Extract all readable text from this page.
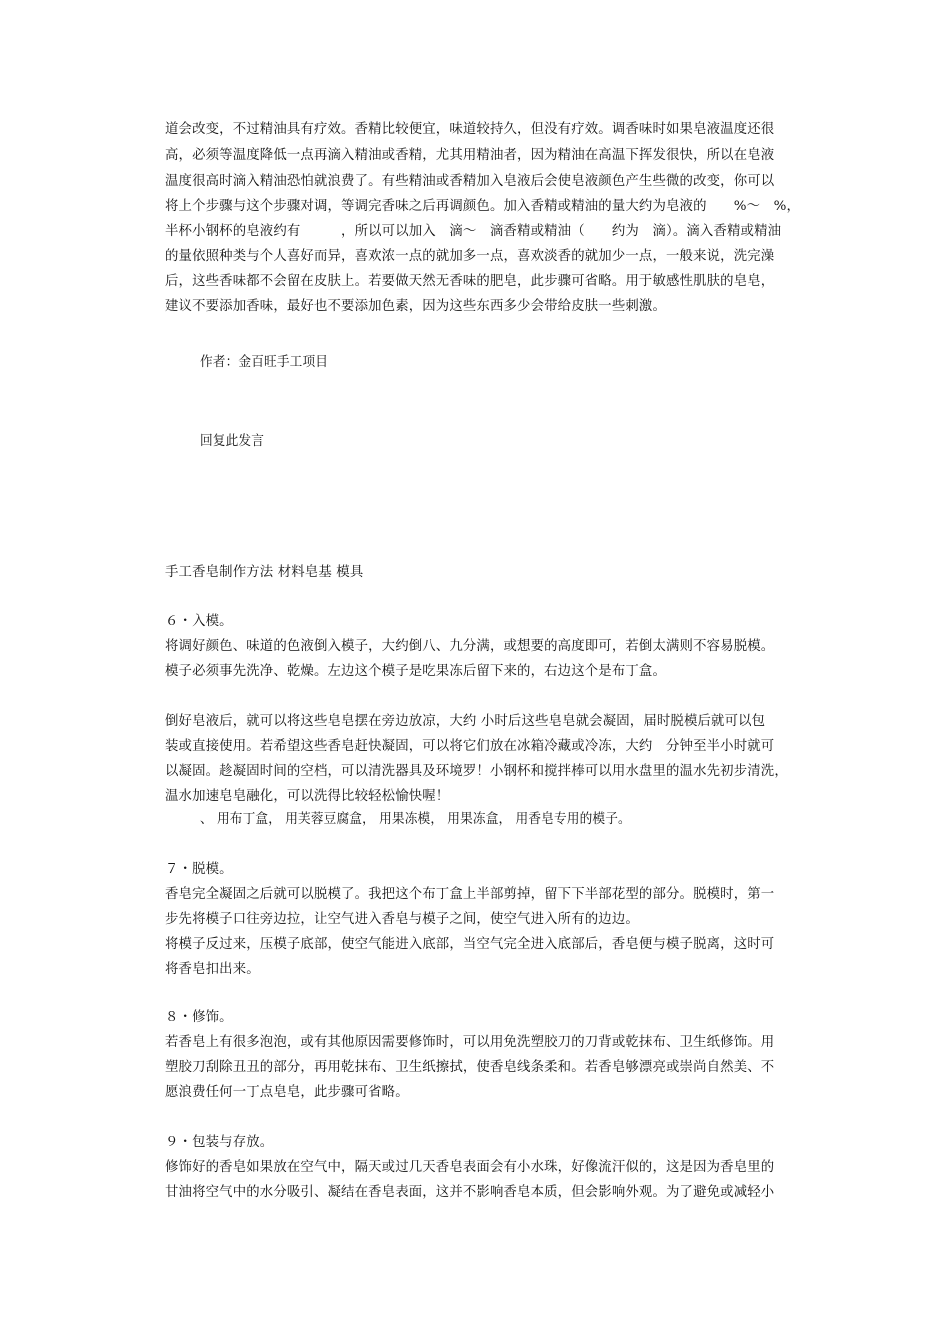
道会改变，不过精油具有疗效。香精比较便宜，味道较持久，但没有疗效。调香味时如果皂液温度还很
高，必须等温度降低一点再滴入精油或香精，尤其用精油者，因为精油在高温下挥发很快，所以在皂液
温度很高时滴入精油恐怕就浪费了。有些精油或香精加入皂液后会使皂液颜色产生些微的改变，你可以
将上个步骤与这个步骤对调，等调完香味之后再调颜色。加入香精或精油的量大约为皂液的　　%～　%，
半杯小钢杯的皂液约有　　　，所以可以加入　滴～　滴香精或精油（　　约为　滴）。滴入香精或精油
的量依照种类与个人喜好而异，喜欢浓一点的就加多一点，喜欢淡香的就加少一点，一般来说，洗完澡
后，这些香味都不会留在皮肤上。若要做天然无香味的肥皂，此步骤可省略。用于敏感性肌肤的皂皂，
建议不要添加香味，最好也不要添加色素，因为这些东西多少会带给皮肤一些刺激。
作者：金百旺手工项目
回复此发言
手工香皂制作方法 材料皂基 模具
６・入模。
将调好颜色、味道的色液倒入模子，大约倒八、九分满，或想要的高度即可，若倒太满则不容易脱模。
模子必须事先洗净、乾燥。左边这个模子是吃果冻后留下来的，右边这个是布丁盒。
倒好皂液后，就可以将这些皂皂摆在旁边放凉，大约 小时后这些皂皂就会凝固，届时脱模后就可以包
装或直接使用。若希望这些香皂赶快凝固，可以将它们放在冰箱冷藏或冷冻，大约　分钟至半小时就可
以凝固。趁凝固时间的空档，可以清洗器具及环境罗！小钢杯和搅拌棒可以用水盘里的温水先初步清洗，
温水加速皂皂融化，可以洗得比较轻松愉快喔！
、 用布丁盒， 用芙蓉豆腐盒， 用果冻模， 用果冻盒， 用香皂专用的模子。
７・脱模。
香皂完全凝固之后就可以脱模了。我把这个布丁盒上半部剪掉，留下下半部花型的部分。脱模时，第一
步先将模子口往旁边拉，让空气进入香皂与模子之间，使空气进入所有的边边。
将模子反过来，压模子底部，使空气能进入底部，当空气完全进入底部后，香皂便与模子脱离，这时可
将香皂扣出来。
８・修饰。
若香皂上有很多泡泡，或有其他原因需要修饰时，可以用免洗塑胶刀的刀背或乾抹布、卫生纸修饰。用
塑胶刀刮除丑丑的部分，再用乾抹布、卫生纸擦拭，使香皂线条柔和。若香皂够漂亮或崇尚自然美、不
愿浪费任何一丁点皂皂，此步骤可省略。
９・包装与存放。
修饰好的香皂如果放在空气中，隔天或过几天香皂表面会有小水珠，好像流汗似的，这是因为香皂里的
甘油将空气中的水分吸引、凝结在香皂表面，这并不影响香皂本质，但会影响外观。为了避免或减轻小
